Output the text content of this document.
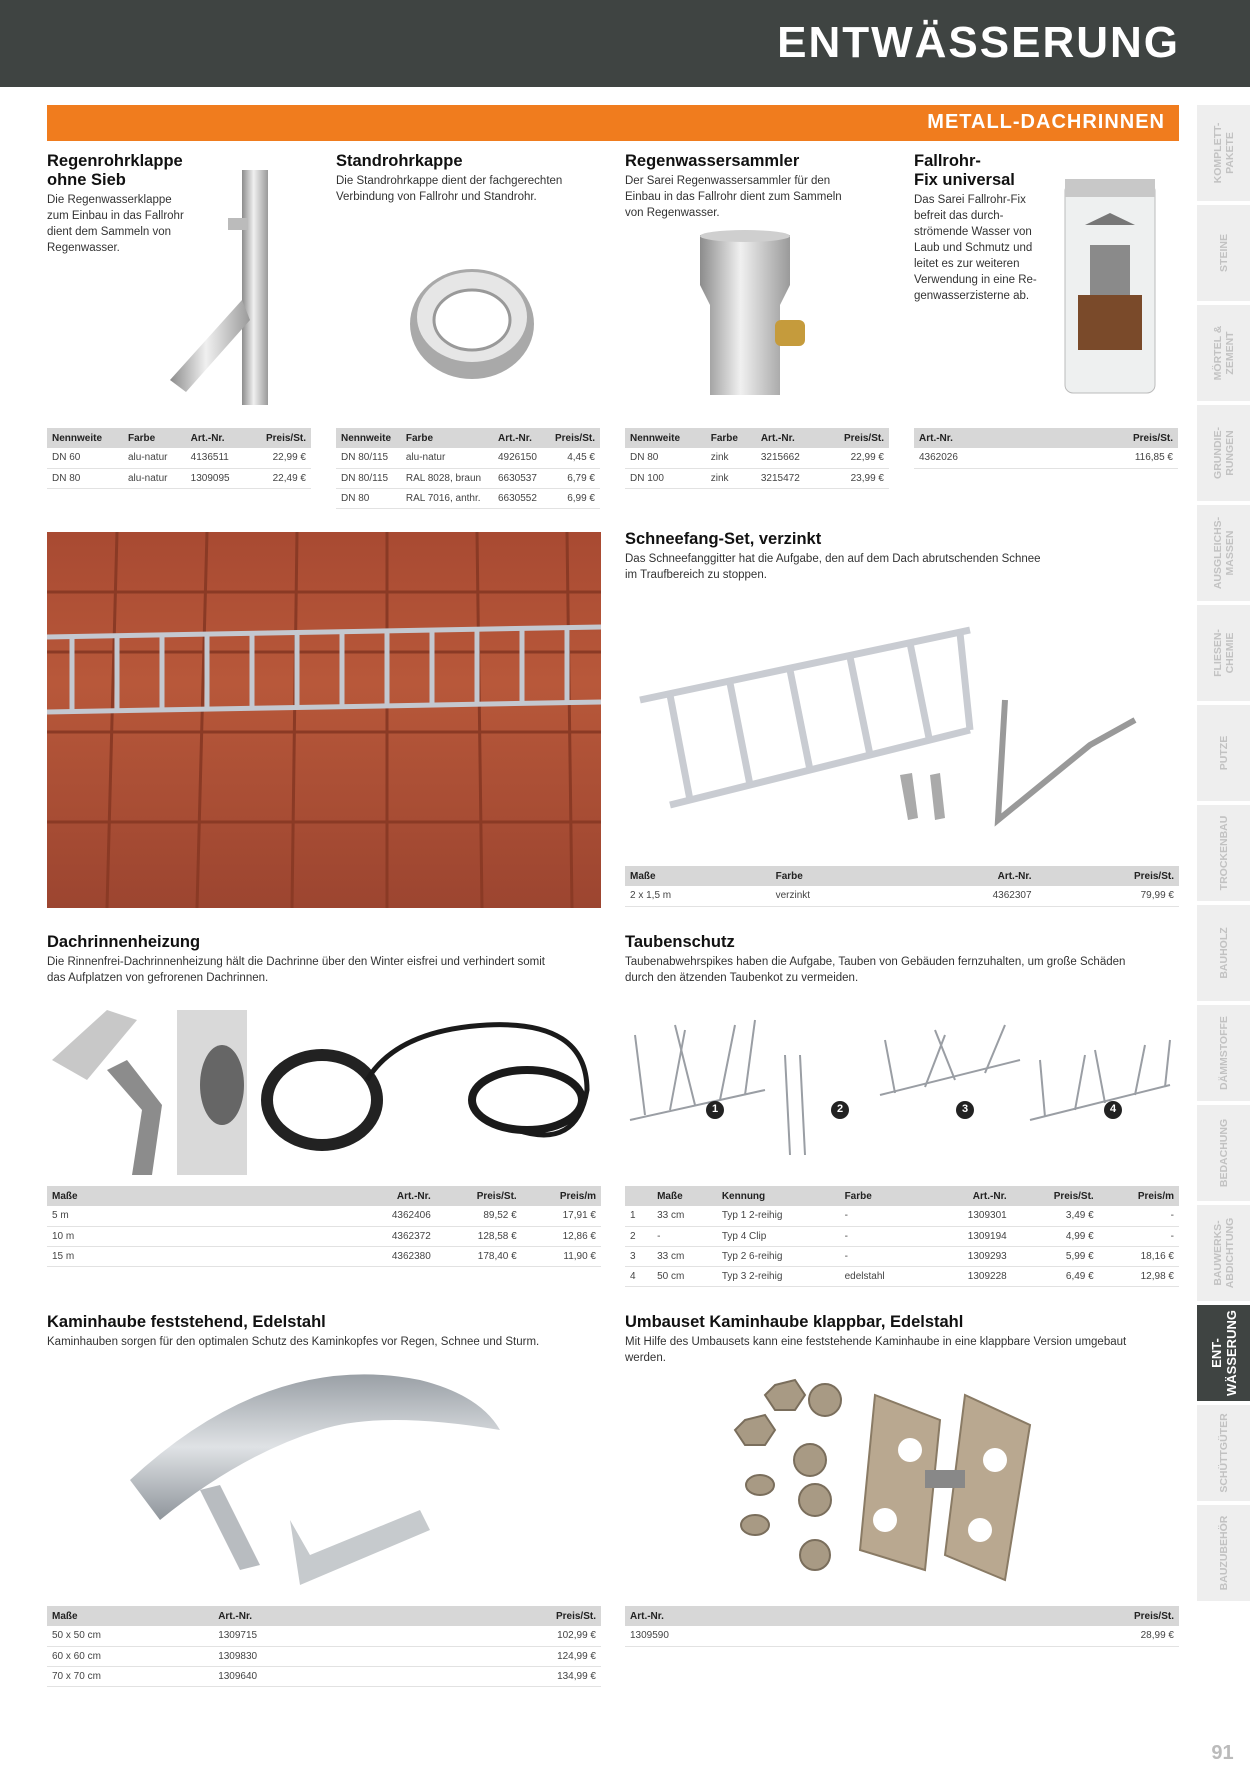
ENTWÄSSERUNG
METALL-DACHRINNEN
Regenrohrklappe
ohne Sieb
Die Regenwasserklappe
zum Einbau in das Fallrohr
dient dem Sammeln von
Regenwasser.
Standrohrkappe
Die Standrohrkappe dient der fachgerechten
Verbindung von Fallrohr und Standrohr.
Regenwassersammler
Der Sarei Regenwassersammler für den
Einbau in das Fallrohr dient zum Sammeln
von Regenwasser.
Fallrohr-
Fix universal
Das Sarei Fallrohr-Fix
befreit das durch-
strömende Wasser von
Laub und Schmutz und
leitet es zur weiteren
Verwendung in eine Re-
genwasserzisterne ab.
Nennweite	Farbe	Art.-Nr.	Preis/St.
DN 60	alu-natur	4136511	22,99 €
DN 80	alu-natur	1309095	22,49 €
Nennweite	Farbe	Art.-Nr.	Preis/St.
DN 80/115	alu-natur	4926150	4,45 €
DN 80/115	RAL 8028, braun	6630537	6,79 €
DN 80	RAL 7016, anthr.	6630552	6,99 €
Nennweite	Farbe	Art.-Nr.	Preis/St.
DN 80	zink	3215662	22,99 €
DN 100	zink	3215472	23,99 €
Art.-Nr.	Preis/St.
4362026	116,85 €
Schneefang-Set, verzinkt
Das Schneefanggitter hat die Aufgabe, den auf dem Dach abrutschenden Schnee
im Traufbereich zu stoppen.
Maße	Farbe	Art.-Nr.	Preis/St.
2 x 1,5 m	verzinkt	4362307	79,99 €
Dachrinnenheizung
Die Rinnenfrei-Dachrinnenheizung hält die Dachrinne über den Winter eisfrei und verhindert somit
das Aufplatzen von gefrorenen Dachrinnen.
Taubenschutz
Taubenabwehrspikes haben die Aufgabe, Tauben von Gebäuden fernzuhalten, um große Schäden
durch den ätzenden Taubenkot zu vermeiden.
1	2	3	4
Maße	Art.-Nr.	Preis/St.	Preis/m
5 m	4362406	89,52 €	17,91 €
10 m	4362372	128,58 €	12,86 €
15 m	4362380	178,40 €	11,90 €
	Maße	Kennung	Farbe	Art.-Nr.	Preis/St.	Preis/m
1	33 cm	Typ 1 2-reihig	-	1309301	3,49 €	-
2	-	Typ 4 Clip	-	1309194	4,99 €	-
3	33 cm	Typ 2 6-reihig	-	1309293	5,99 €	18,16 €
4	50 cm	Typ 3 2-reihig	edelstahl	1309228	6,49 €	12,98 €
Kaminhaube feststehend, Edelstahl
Kaminhauben sorgen für den optimalen Schutz des Kaminkopfes vor Regen, Schnee und Sturm.
Umbauset Kaminhaube klappbar, Edelstahl
Mit Hilfe des Umbausets kann eine feststehende Kaminhaube in eine klappbare Version umgebaut
werden.
Maße	Art.-Nr.	Preis/St.
50 x 50 cm	1309715	102,99 €
60 x 60 cm	1309830	124,99 €
70 x 70 cm	1309640	134,99 €
Art.-Nr.	Preis/St.
1309590	28,99 €
KOMPLETT-
PAKETE
STEINE
MÖRTEL &
ZEMENT
GRUNDIE-
RUNGEN
AUSGLEICHS-
MASSEN
FLIESEN-
CHEMIE
PUTZE
TROCKENBAU
BAUHOLZ
DÄMMSTOFFE
BEDACHUNG
BAUWERKS-
ABDICHTUNG
ENT-
WÄSSERUNG
SCHÜTTGÜTER
BAUZUBEHÖR
91
